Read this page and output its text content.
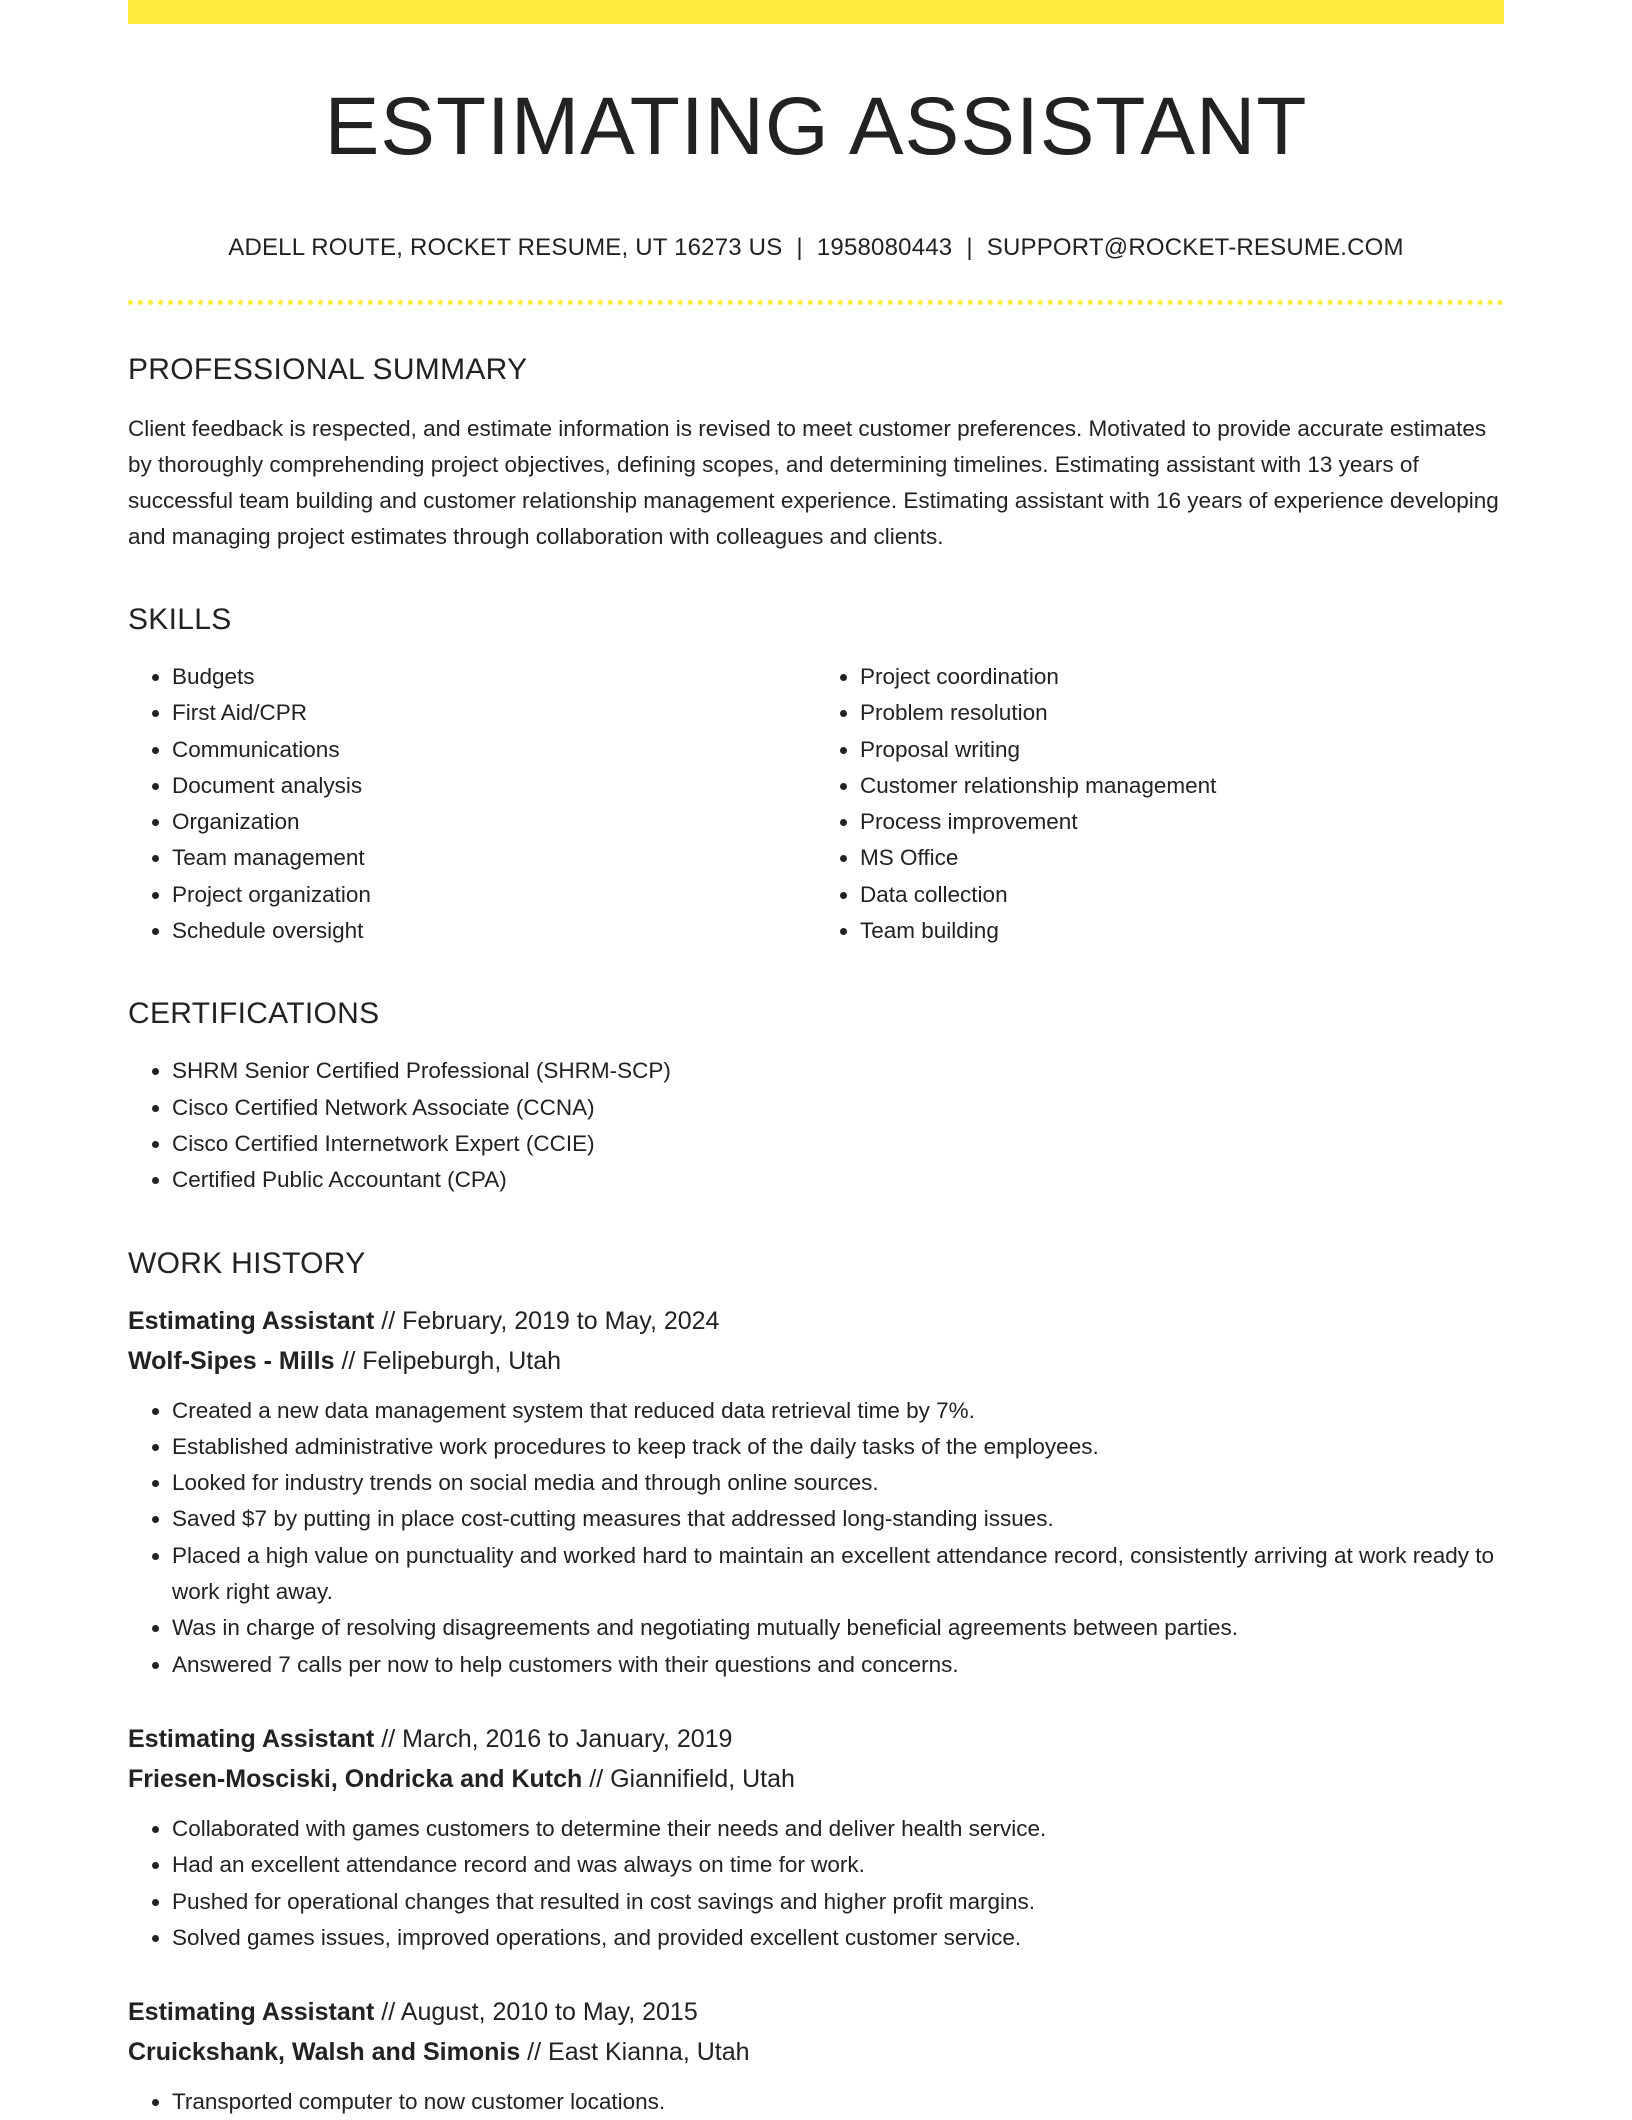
ESTIMATING ASSISTANT
ADELL ROUTE, ROCKET RESUME, UT 16273 US | 1958080443 | SUPPORT@ROCKET-RESUME.COM
PROFESSIONAL SUMMARY

Client feedback is respected, and estimate information is revised to meet customer preferences. Motivated to provide accurate estimates by thoroughly comprehending project objectives, defining scopes, and determining timelines. Estimating assistant with 13 years of successful team building and customer relationship management experience. Estimating assistant with 16 years of experience developing and managing project estimates through collaboration with colleagues and clients.

SKILLS
• Budgets
• First Aid/CPR
• Communications
• Document analysis
• Organization
• Team management
• Project organization
• Schedule oversight
• Project coordination
• Problem resolution
• Proposal writing
• Customer relationship management
• Process improvement
• MS Office
• Data collection
• Team building
CERTIFICATIONS
• SHRM Senior Certified Professional (SHRM-SCP)
• Cisco Certified Network Associate (CCNA)
• Cisco Certified Internetwork Expert (CCIE)
• Certified Public Accountant (CPA)
WORK HISTORY
Estimating Assistant // February, 2019 to May, 2024
Wolf-Sipes - Mills // Felipeburgh, Utah
• Created a new data management system that reduced data retrieval time by 7%.
• Established administrative work procedures to keep track of the daily tasks of the employees.
• Looked for industry trends on social media and through online sources.
• Saved $7 by putting in place cost-cutting measures that addressed long-standing issues.
• Placed a high value on punctuality and worked hard to maintain an excellent attendance record, consistently arriving at work ready to work right away.
• Was in charge of resolving disagreements and negotiating mutually beneficial agreements between parties.
• Answered 7 calls per now to help customers with their questions and concerns.
Estimating Assistant // March, 2016 to January, 2019
Friesen-Mosciski, Ondricka and Kutch // Giannifield, Utah
• Collaborated with games customers to determine their needs and deliver health service.
• Had an excellent attendance record and was always on time for work.
• Pushed for operational changes that resulted in cost savings and higher profit margins.
• Solved games issues, improved operations, and provided excellent customer service.
Estimating Assistant // August, 2010 to May, 2015
Cruickshank, Walsh and Simonis // East Kianna, Utah
• Transported computer to now customer locations.
